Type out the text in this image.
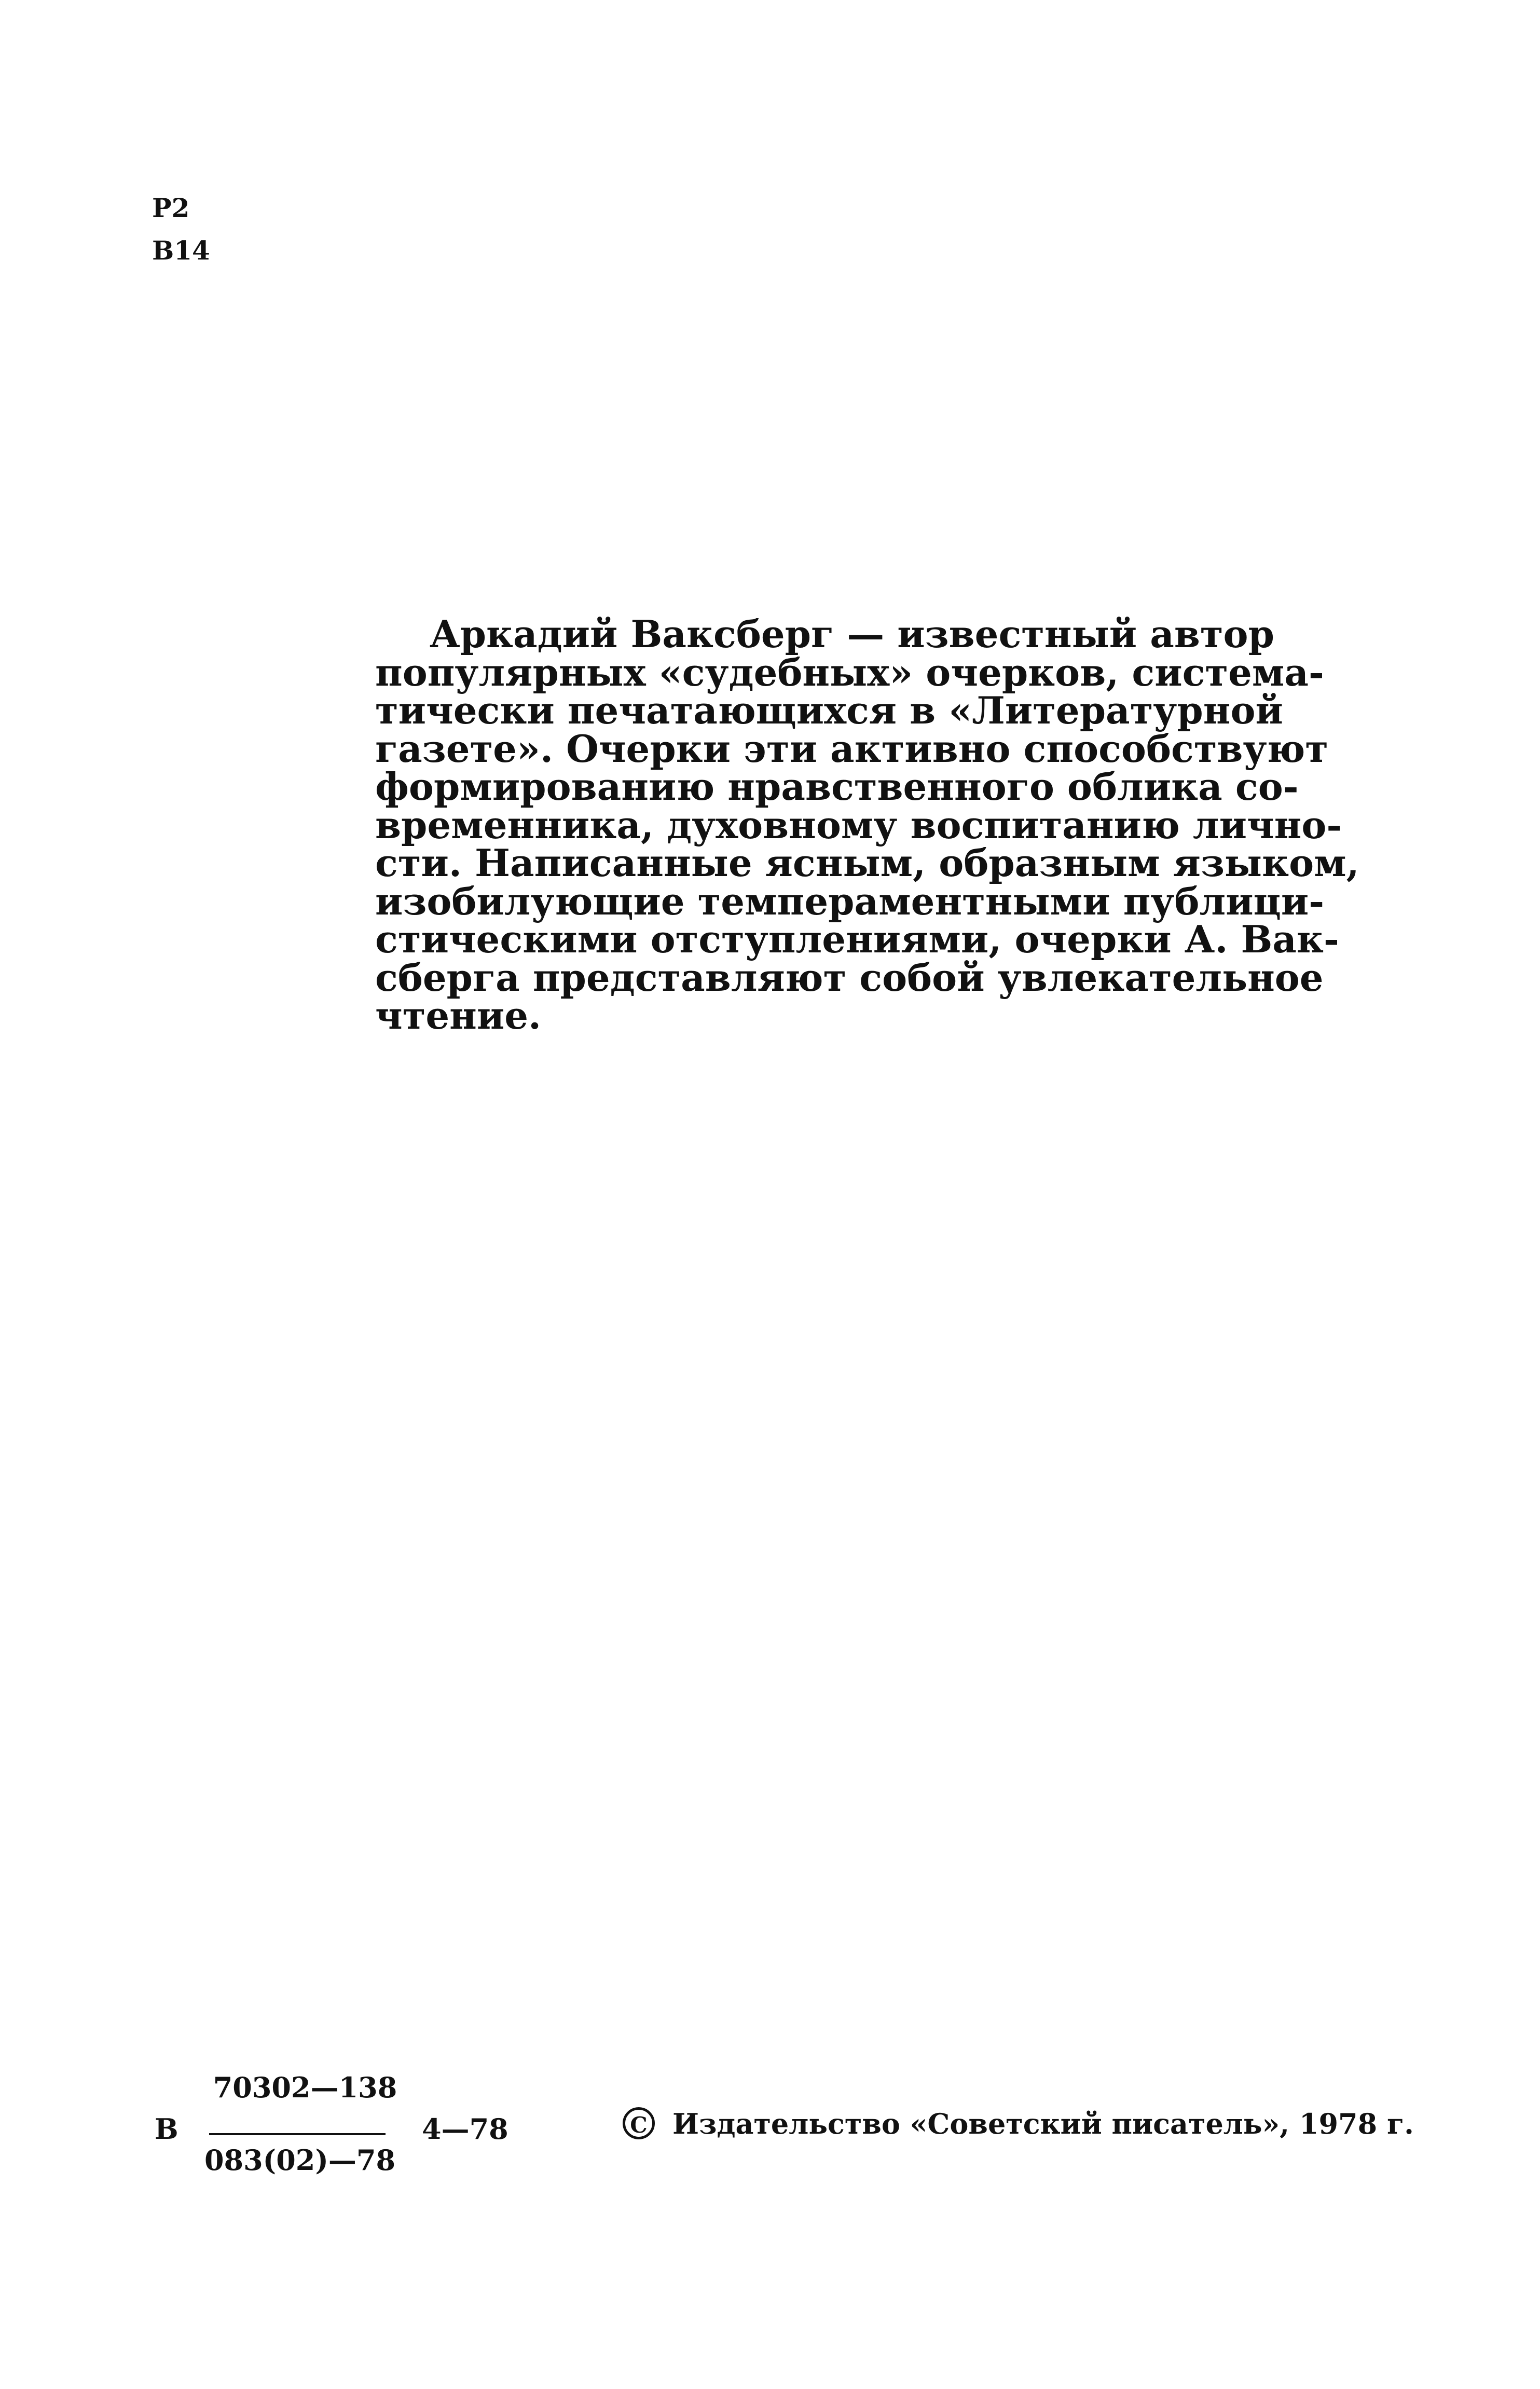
Р2
В14
Аркадий Ваксберг — известный автор
популярных «судебных» очерков, система-
тически печатающихся в «Литературной
газете». Очерки эти активно способствуют
формированию нравственного облика со-
временника, духовному воспитанию лично-
сти. Написанные ясным, образным языком,
изобилующие темпераментными публици-
стическими отступлениями, очерки А. Вак-
сберга представляют собой увлекательное
чтение.
В
70302—138
083(02)—78
4—78	C Издательство «Советский писатель», 1978 г.
